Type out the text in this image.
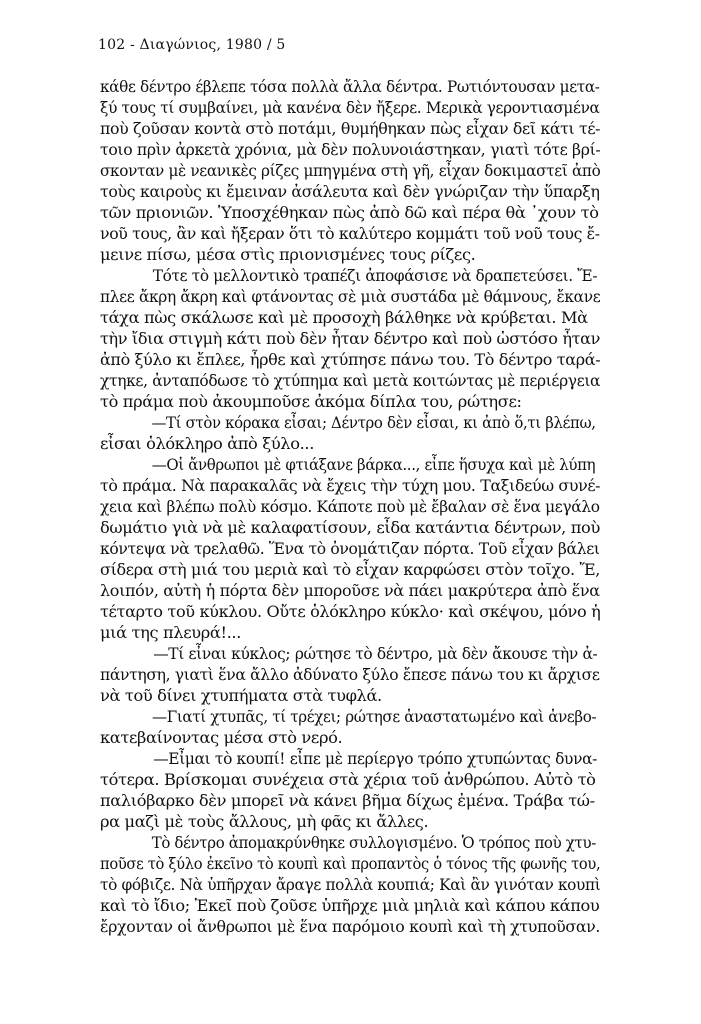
102 - Διαγώνιος, 1980 / 5
κάθε δέντρο έβλεπε τόσα πολλὰ ἄλλα δέντρα. Ρωτιόντουσαν μετα-
ξύ τους τί συμβαίνει, μὰ κανένα δὲν ἤξερε. Μερικὰ γεροντιασμένα
ποὺ ζοῦσαν κοντὰ στὸ ποτάμι, θυμήθηκαν πὼς εἶχαν δεῖ κάτι τέ-
τοιο πρὶν ἀρκετὰ χρόνια, μὰ δὲν πολυνοιάστηκαν, γιατὶ τότε βρί-
σκονταν μὲ νεανικὲς ρίζες μπηγμένα στὴ γῆ, εἶχαν δοκιμαστεῖ ἀπὸ
τοὺς καιροὺς κι ἔμειναν ἀσάλευτα καὶ δὲν γνώριζαν τὴν ὕπαρξη
τῶν πριονιῶν. Ὑποσχέθηκαν πὼς ἀπὸ δῶ καὶ πέρα θὰ ᾿χουν τὸ
νοῦ τους, ἂν καὶ ἤξεραν ὅτι τὸ καλύτερο κομμάτι τοῦ νοῦ τους ἔ-
μεινε πίσω, μέσα στὶς πριονισμένες τους ρίζες.
Τότε τὸ μελλοντικὸ τραπέζι ἀποφάσισε νὰ δραπετεύσει. Ἔ-
πλεε ἄκρη ἄκρη καὶ φτάνοντας σὲ μιὰ συστάδα μὲ θάμνους, ἔκανε
τάχα πὼς σκάλωσε καὶ μὲ προσοχὴ βάλθηκε νὰ κρύβεται. Μὰ
τὴν ἴδια στιγμὴ κάτι ποὺ δὲν ἦταν δέντρο καὶ ποὺ ὡστόσο ἦταν
ἀπὸ ξύλο κι ἔπλεε, ἦρθε καὶ χτύπησε πάνω του. Τὸ δέντρο ταρά-
χτηκε, ἀνταπόδωσε τὸ χτύπημα καὶ μετὰ κοιτώντας μὲ περιέργεια
τὸ πράμα ποὺ ἀκουμποῦσε ἀκόμα δίπλα του, ρώτησε:
—Τί στὸν κόρακα εἶσαι; Δέντρο δὲν εἶσαι, κι ἀπὸ ὅ,τι βλέπω,
εἶσαι ὁλόκληρο ἀπὸ ξύλο...
—Οἱ ἄνθρωποι μὲ φτιάξανε βάρκα..., εἶπε ἥσυχα καὶ μὲ λύπη
τὸ πράμα. Νὰ παρακαλᾶς νὰ ἔχεις τὴν τύχη μου. Ταξιδεύω συνέ-
χεια καὶ βλέπω πολὺ κόσμο. Κάποτε ποὺ μὲ ἔβαλαν σὲ ἕνα μεγάλο
δωμάτιο γιὰ νὰ μὲ καλαφατίσουν, εἶδα κατάντια δέντρων, ποὺ
κόντεψα νὰ τρελαθῶ. Ἕνα τὸ ὀνομάτιζαν πόρτα. Τοῦ εἶχαν βάλει
σίδερα στὴ μιά του μεριὰ καὶ τὸ εἶχαν καρφώσει στὸν τοῖχο. Ἔ,
λοιπόν, αὐτὴ ἡ πόρτα δὲν μποροῦσε νὰ πάει μακρύτερα ἀπὸ ἕνα
τέταρτο τοῦ κύκλου. Οὔτε ὁλόκληρο κύκλο· καὶ σκέψου, μόνο ἡ
μιά της πλευρά!...
—Τί εἶναι κύκλος; ρώτησε τὸ δέντρο, μὰ δὲν ἄκουσε τὴν ἀ-
πάντηση, γιατὶ ἕνα ἄλλο ἀδύνατο ξύλο ἔπεσε πάνω του κι ἄρχισε
νὰ τοῦ δίνει χτυπήματα στὰ τυφλά.
—Γιατί χτυπᾶς, τί τρέχει; ρώτησε ἀναστατωμένο καὶ ἀνεβο-
κατεβαίνοντας μέσα στὸ νερό.
—Εἶμαι τὸ κουπί! εἶπε μὲ περίεργο τρόπο χτυπώντας δυνα-
τότερα. Βρίσκομαι συνέχεια στὰ χέρια τοῦ ἀνθρώπου. Αὐτὸ τὸ
παλιόβαρκο δὲν μπορεῖ νὰ κάνει βῆμα δίχως ἐμένα. Τράβα τώ-
ρα μαζὶ μὲ τοὺς ἄλλους, μὴ φᾶς κι ἄλλες.
Τὸ δέντρο ἀπομακρύνθηκε συλλογισμένο. Ὁ τρόπος ποὺ χτυ-
ποῦσε τὸ ξύλο ἐκεῖνο τὸ κουπὶ καὶ προπαντὸς ὁ τόνος τῆς φωνῆς του,
τὸ φόβιζε. Νὰ ὑπῆρχαν ἄραγε πολλὰ κουπιά; Καὶ ἂν γινόταν κουπὶ
καὶ τὸ ἴδιο; Ἐκεῖ ποὺ ζοῦσε ὑπῆρχε μιὰ μηλιὰ καὶ κάπου κάπου
ἔρχονταν οἱ ἄνθρωποι μὲ ἕνα παρόμοιο κουπὶ καὶ τὴ χτυποῦσαν.
